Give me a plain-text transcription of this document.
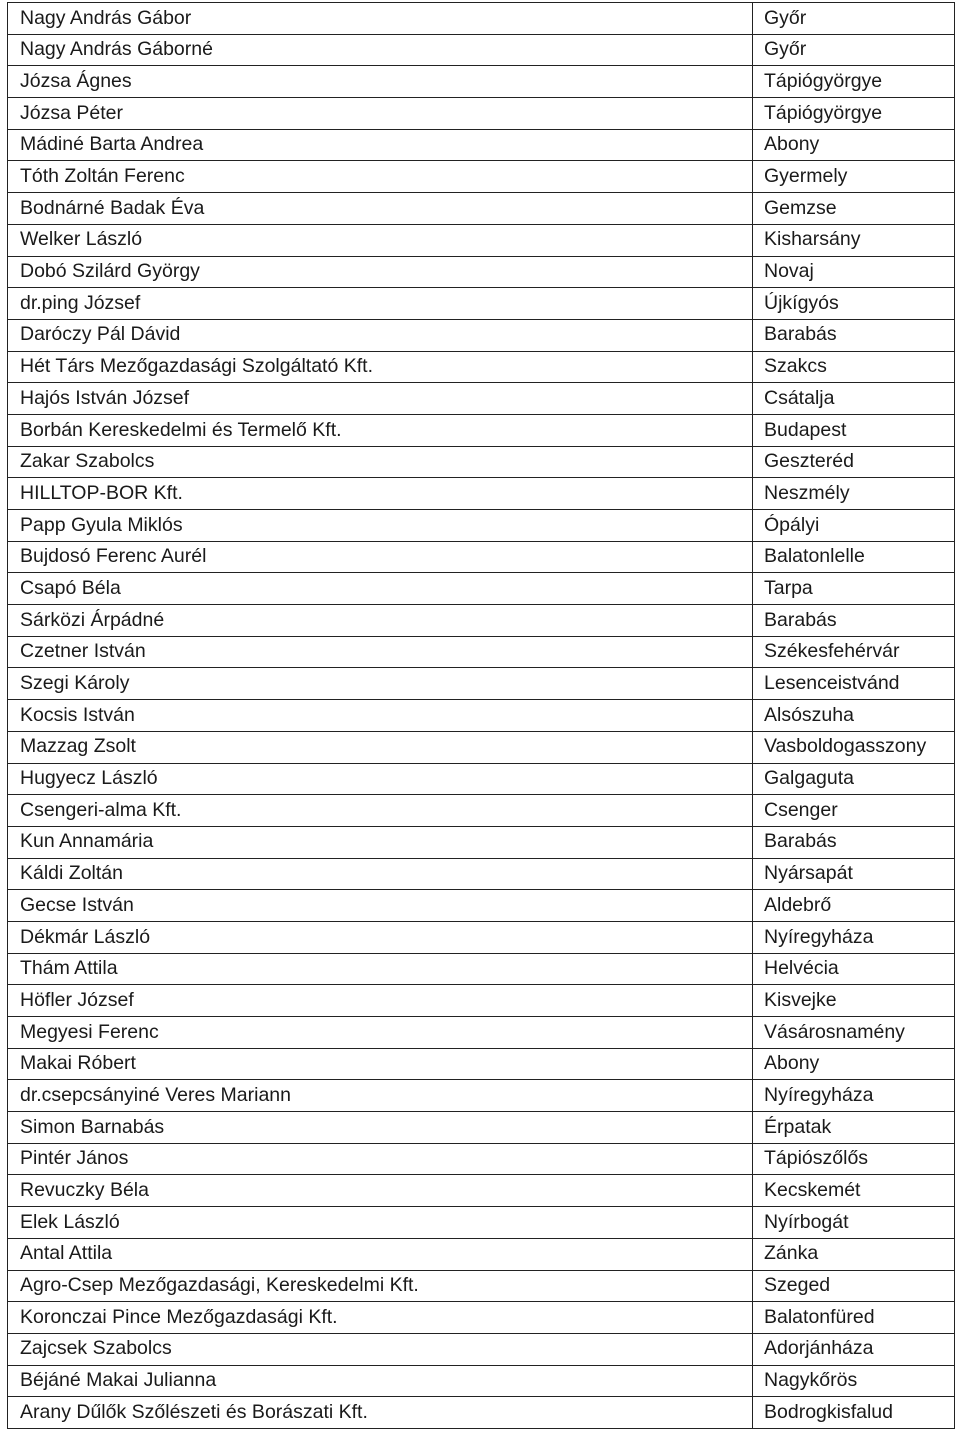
Nagy András Gábor	Győr
Nagy András Gáborné	Győr
Józsa Ágnes	Tápiógyörgye
Józsa Péter	Tápiógyörgye
Mádiné Barta Andrea	Abony
Tóth Zoltán Ferenc	Gyermely
Bodnárné Badak Éva	Gemzse
Welker László	Kisharsány
Dobó Szilárd György	Novaj
dr.ping József	Újkígyós
Daróczy Pál Dávid	Barabás
Hét Társ Mezőgazdasági Szolgáltató Kft.	Szakcs
Hajós István József	Csátalja
Borbán Kereskedelmi és Termelő Kft.	Budapest
Zakar Szabolcs	Geszteréd
HILLTOP-BOR Kft.	Neszmély
Papp Gyula Miklós	Ópályi
Bujdosó Ferenc Aurél	Balatonlelle
Csapó Béla	Tarpa
Sárközi Árpádné	Barabás
Czetner István	Székesfehérvár
Szegi Károly	Lesenceistvánd
Kocsis István	Alsószuha
Mazzag Zsolt	Vasboldogasszony
Hugyecz László	Galgaguta
Csengeri-alma Kft.	Csenger
Kun Annamária	Barabás
Káldi Zoltán	Nyársapát
Gecse István	Aldebrő
Dékmár László	Nyíregyháza
Thám Attila	Helvécia
Höfler József	Kisvejke
Megyesi Ferenc	Vásárosnamény
Makai Róbert	Abony
dr.csepcsányiné Veres Mariann	Nyíregyháza
Simon Barnabás	Érpatak
Pintér János	Tápiószőlős
Revuczky Béla	Kecskemét
Elek László	Nyírbogát
Antal Attila	Zánka
Agro-Csep Mezőgazdasági, Kereskedelmi Kft.	Szeged
Koronczai Pince Mezőgazdasági Kft.	Balatonfüred
Zajcsek Szabolcs	Adorjánháza
Béjáné Makai Julianna	Nagykőrös
Arany Dűlők Szőlészeti és Borászati Kft.	Bodrogkisfalud
